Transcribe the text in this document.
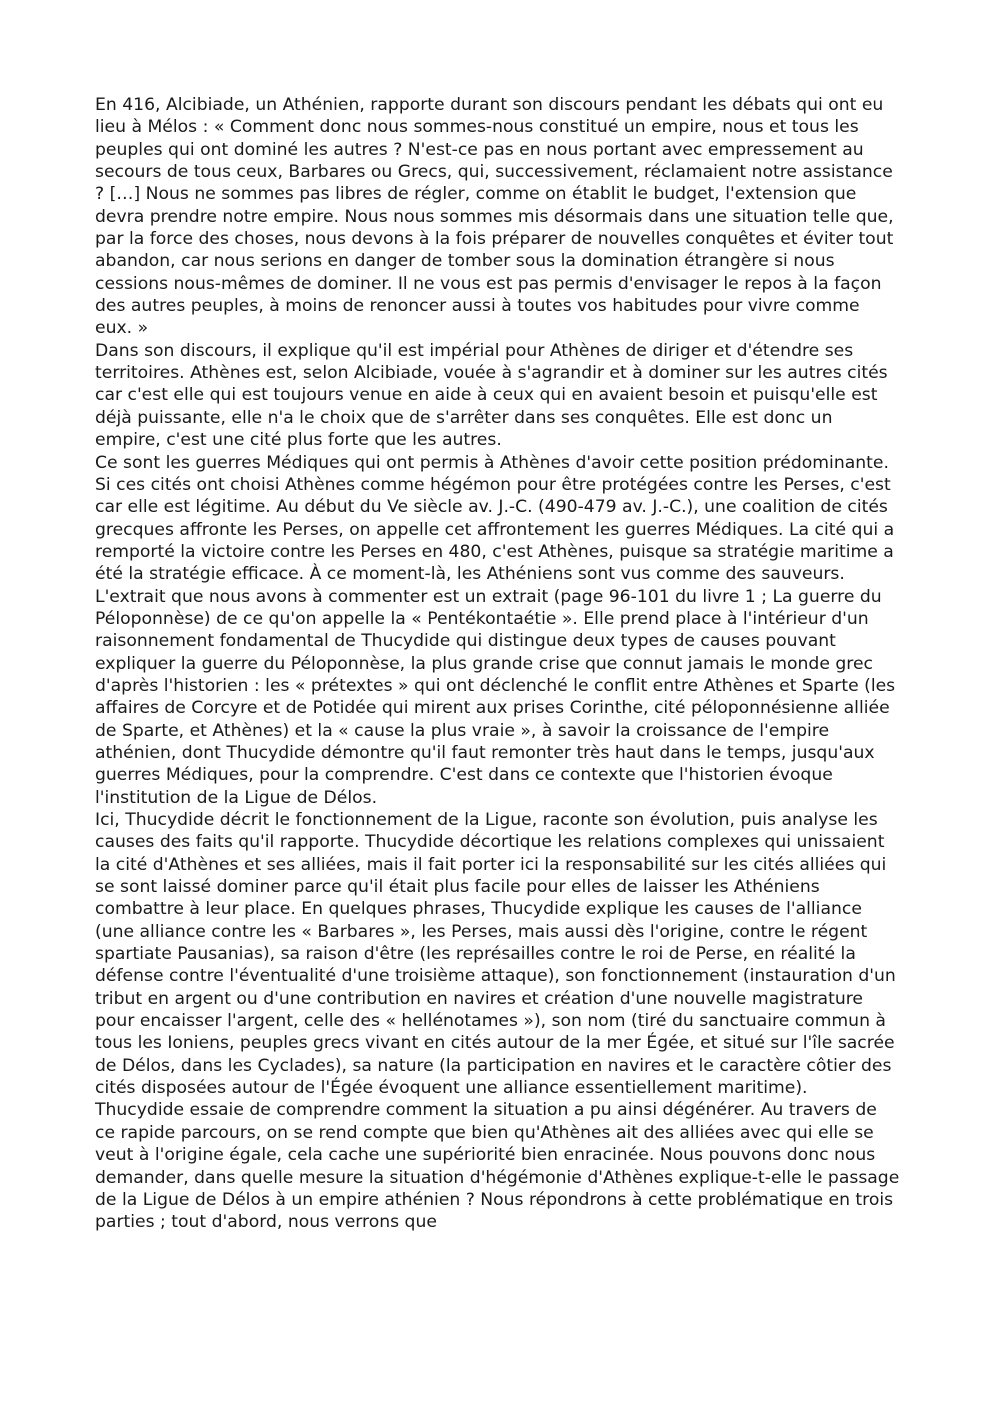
En 416, Alcibiade, un Athénien, rapporte durant son discours pendant les débats qui ont eu lieu à Mélos : « Comment donc nous sommes-nous constitué un empire, nous et tous les peuples qui ont dominé les autres ? N'est-ce pas en nous portant avec empressement au secours de tous ceux, Barbares ou Grecs, qui, successivement, réclamaient notre assistance ? […] Nous ne sommes pas libres de régler, comme on établit le budget, l'extension que devra prendre notre empire. Nous nous sommes mis désormais dans une situation telle que, par la force des choses, nous devons à la fois préparer de nouvelles conquêtes et éviter tout abandon, car nous serions en danger de tomber sous la domination étrangère si nous cessions nous-mêmes de dominer. Il ne vous est pas permis d'envisager le repos à la façon des autres peuples, à moins de renoncer aussi à toutes vos habitudes pour vivre comme eux. »

Dans son discours, il explique qu'il est impérial pour Athènes de diriger et d'étendre ses territoires. Athènes est, selon Alcibiade, vouée à s'agrandir et à dominer sur les autres cités car c'est elle qui est toujours venue en aide à ceux qui en avaient besoin et puisqu'elle est déjà puissante, elle n'a le choix que de s'arrêter dans ses conquêtes. Elle est donc un empire, c'est une cité plus forte que les autres.

Ce sont les guerres Médiques qui ont permis à Athènes d'avoir cette position prédominante. Si ces cités ont choisi Athènes comme hégémon pour être protégées contre les Perses, c'est car elle est légitime. Au début du Ve siècle av. J.-C. (490-479 av. J.-C.), une coalition de cités grecques affronte les Perses, on appelle cet affrontement les guerres Médiques. La cité qui a remporté la victoire contre les Perses en 480, c'est Athènes, puisque sa stratégie maritime a été la stratégie efficace. À ce moment-là, les Athéniens sont vus comme des sauveurs.

L'extrait que nous avons à commenter est un extrait (page 96-101 du livre 1 ; La guerre du Péloponnèse) de ce qu'on appelle la « Pentékontaétie ». Elle prend place à l'intérieur d'un raisonnement fondamental de Thucydide qui distingue deux types de causes pouvant expliquer la guerre du Péloponnèse, la plus grande crise que connut jamais le monde grec d'après l'historien : les « prétextes » qui ont déclenché le conflit entre Athènes et Sparte (les affaires de Corcyre et de Potidée qui mirent aux prises Corinthe, cité péloponnésienne alliée de Sparte, et Athènes) et la « cause la plus vraie », à savoir la croissance de l'empire athénien, dont Thucydide démontre qu'il faut remonter très haut dans le temps, jusqu'aux guerres Médiques, pour la comprendre. C'est dans ce contexte que l'historien évoque l'institution de la Ligue de Délos.

Ici, Thucydide décrit le fonctionnement de la Ligue, raconte son évolution, puis analyse les causes des faits qu'il rapporte. Thucydide décortique les relations complexes qui unissaient la cité d'Athènes et ses alliées, mais il fait porter ici la responsabilité sur les cités alliées qui se sont laissé dominer parce qu'il était plus facile pour elles de laisser les Athéniens combattre à leur place. En quelques phrases, Thucydide explique les causes de l'alliance (une alliance contre les « Barbares », les Perses, mais aussi dès l'origine, contre le régent spartiate Pausanias), sa raison d'être (les représailles contre le roi de Perse, en réalité la défense contre l'éventualité d'une troisième attaque), son fonctionnement (instauration d'un tribut en argent ou d'une contribution en navires et création d'une nouvelle magistrature pour encaisser l'argent, celle des « hellénotames »), son nom (tiré du sanctuaire commun à tous les Ioniens, peuples grecs vivant en cités autour de la mer Égée, et situé sur l'île sacrée de Délos, dans les Cyclades), sa nature (la participation en navires et le caractère côtier des cités disposées autour de l'Égée évoquent une alliance essentiellement maritime).

Thucydide essaie de comprendre comment la situation a pu ainsi dégénérer. Au travers de ce rapide parcours, on se rend compte que bien qu'Athènes ait des alliées avec qui elle se veut à l'origine égale, cela cache une supériorité bien enracinée. Nous pouvons donc nous demander, dans quelle mesure la situation d'hégémonie d'Athènes explique-t-elle le passage de la Ligue de Délos à un empire athénien ? Nous répondrons à cette problématique en trois parties ; tout d'abord, nous verrons que
